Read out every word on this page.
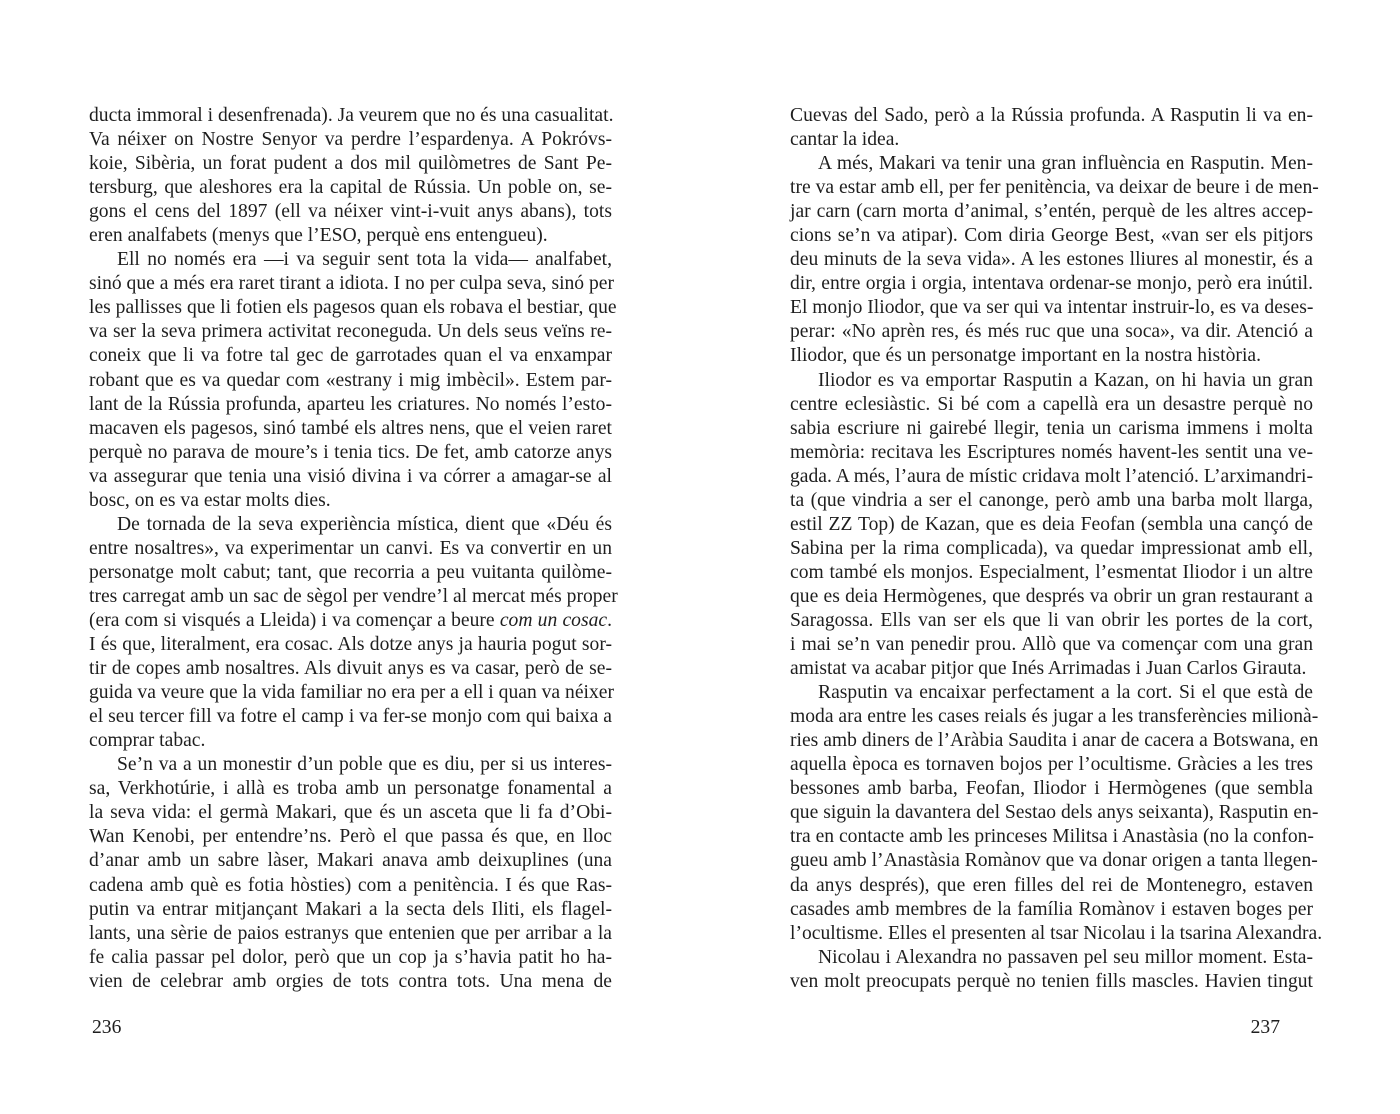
ducta immoral i desenfrenada). Ja veurem que no és una casualitat.
Va néixer on Nostre Senyor va perdre l’espardenya. A Pokróvs-
koie, Sibèria, un forat pudent a dos mil quilòmetres de Sant Pe-
tersburg, que aleshores era la capital de Rússia. Un poble on, se-
gons el cens del 1897 (ell va néixer vint-i-vuit anys abans), tots
eren analfabets (menys que l’ESO, perquè ens entengueu).
Ell no només era —i va seguir sent tota la vida— analfabet,
sinó que a més era raret tirant a idiota. I no per culpa seva, sinó per
les pallisses que li fotien els pagesos quan els robava el bestiar, que
va ser la seva primera activitat reconeguda. Un dels seus veïns re-
coneix que li va fotre tal gec de garrotades quan el va enxampar
robant que es va quedar com «estrany i mig imbècil». Estem par-
lant de la Rússia profunda, aparteu les criatures. No només l’esto-
macaven els pagesos, sinó també els altres nens, que el veien raret
perquè no parava de moure’s i tenia tics. De fet, amb catorze anys
va assegurar que tenia una visió divina i va córrer a amagar-se al
bosc, on es va estar molts dies.
De tornada de la seva experiència mística, dient que «Déu és
entre nosaltres», va experimentar un canvi. Es va convertir en un
personatge molt cabut; tant, que recorria a peu vuitanta quilòme-
tres carregat amb un sac de sègol per vendre’l al mercat més proper
(era com si visqués a Lleida) i va començar a beure com un cosac.
I és que, literalment, era cosac. Als dotze anys ja hauria pogut sor-
tir de copes amb nosaltres. Als divuit anys es va casar, però de se-
guida va veure que la vida familiar no era per a ell i quan va néixer
el seu tercer fill va fotre el camp i va fer-se monjo com qui baixa a
comprar tabac.
Se’n va a un monestir d’un poble que es diu, per si us interes-
sa, Verkhotúrie, i allà es troba amb un personatge fonamental a
la seva vida: el germà Makari, que és un asceta que li fa d’Obi-
Wan Kenobi, per entendre’ns. Però el que passa és que, en lloc
d’anar amb un sabre làser, Makari anava amb deixuplines (una
cadena amb què es fotia hòsties) com a penitència. I és que Ras-
putin va entrar mitjançant Makari a la secta dels Iliti, els flagel-
lants, una sèrie de paios estranys que entenien que per arribar a la
fe calia passar pel dolor, però que un cop ja s’havia patit ho ha-
vien de celebrar amb orgies de tots contra tots. Una mena de
236
Cuevas del Sado, però a la Rússia profunda. A Rasputin li va en-
cantar la idea.
A més, Makari va tenir una gran influència en Rasputin. Men-
tre va estar amb ell, per fer penitència, va deixar de beure i de men-
jar carn (carn morta d’animal, s’entén, perquè de les altres accep-
cions se’n va atipar). Com diria George Best, «van ser els pitjors
deu minuts de la seva vida». A les estones lliures al monestir, és a
dir, entre orgia i orgia, intentava ordenar-se monjo, però era inútil.
El monjo Iliodor, que va ser qui va intentar instruir-lo, es va deses-
perar: «No aprèn res, és més ruc que una soca», va dir. Atenció a
Iliodor, que és un personatge important en la nostra història.
Iliodor es va emportar Rasputin a Kazan, on hi havia un gran
centre eclesiàstic. Si bé com a capellà era un desastre perquè no
sabia escriure ni gairebé llegir, tenia un carisma immens i molta
memòria: recitava les Escriptures només havent-les sentit una ve-
gada. A més, l’aura de místic cridava molt l’atenció. L’arximandri-
ta (que vindria a ser el canonge, però amb una barba molt llarga,
estil ZZ Top) de Kazan, que es deia Feofan (sembla una cançó de
Sabina per la rima complicada), va quedar impressionat amb ell,
com també els monjos. Especialment, l’esmentat Iliodor i un altre
que es deia Hermògenes, que després va obrir un gran restaurant a
Saragossa. Ells van ser els que li van obrir les portes de la cort,
i mai se’n van penedir prou. Allò que va començar com una gran
amistat va acabar pitjor que Inés Arrimadas i Juan Carlos Girauta.
Rasputin va encaixar perfectament a la cort. Si el que està de
moda ara entre les cases reials és jugar a les transferències milionà-
ries amb diners de l’Aràbia Saudita i anar de cacera a Botswana, en
aquella època es tornaven bojos per l’ocultisme. Gràcies a les tres
bessones amb barba, Feofan, Iliodor i Hermògenes (que sembla
que siguin la davantera del Sestao dels anys seixanta), Rasputin en-
tra en contacte amb les princeses Militsa i Anastàsia (no la confon-
gueu amb l’Anastàsia Romànov que va donar origen a tanta llegen-
da anys després), que eren filles del rei de Montenegro, estaven
casades amb membres de la família Romànov i estaven boges per
l’ocultisme. Elles el presenten al tsar Nicolau i la tsarina Alexandra.
Nicolau i Alexandra no passaven pel seu millor moment. Esta-
ven molt preocupats perquè no tenien fills mascles. Havien tingut
237
